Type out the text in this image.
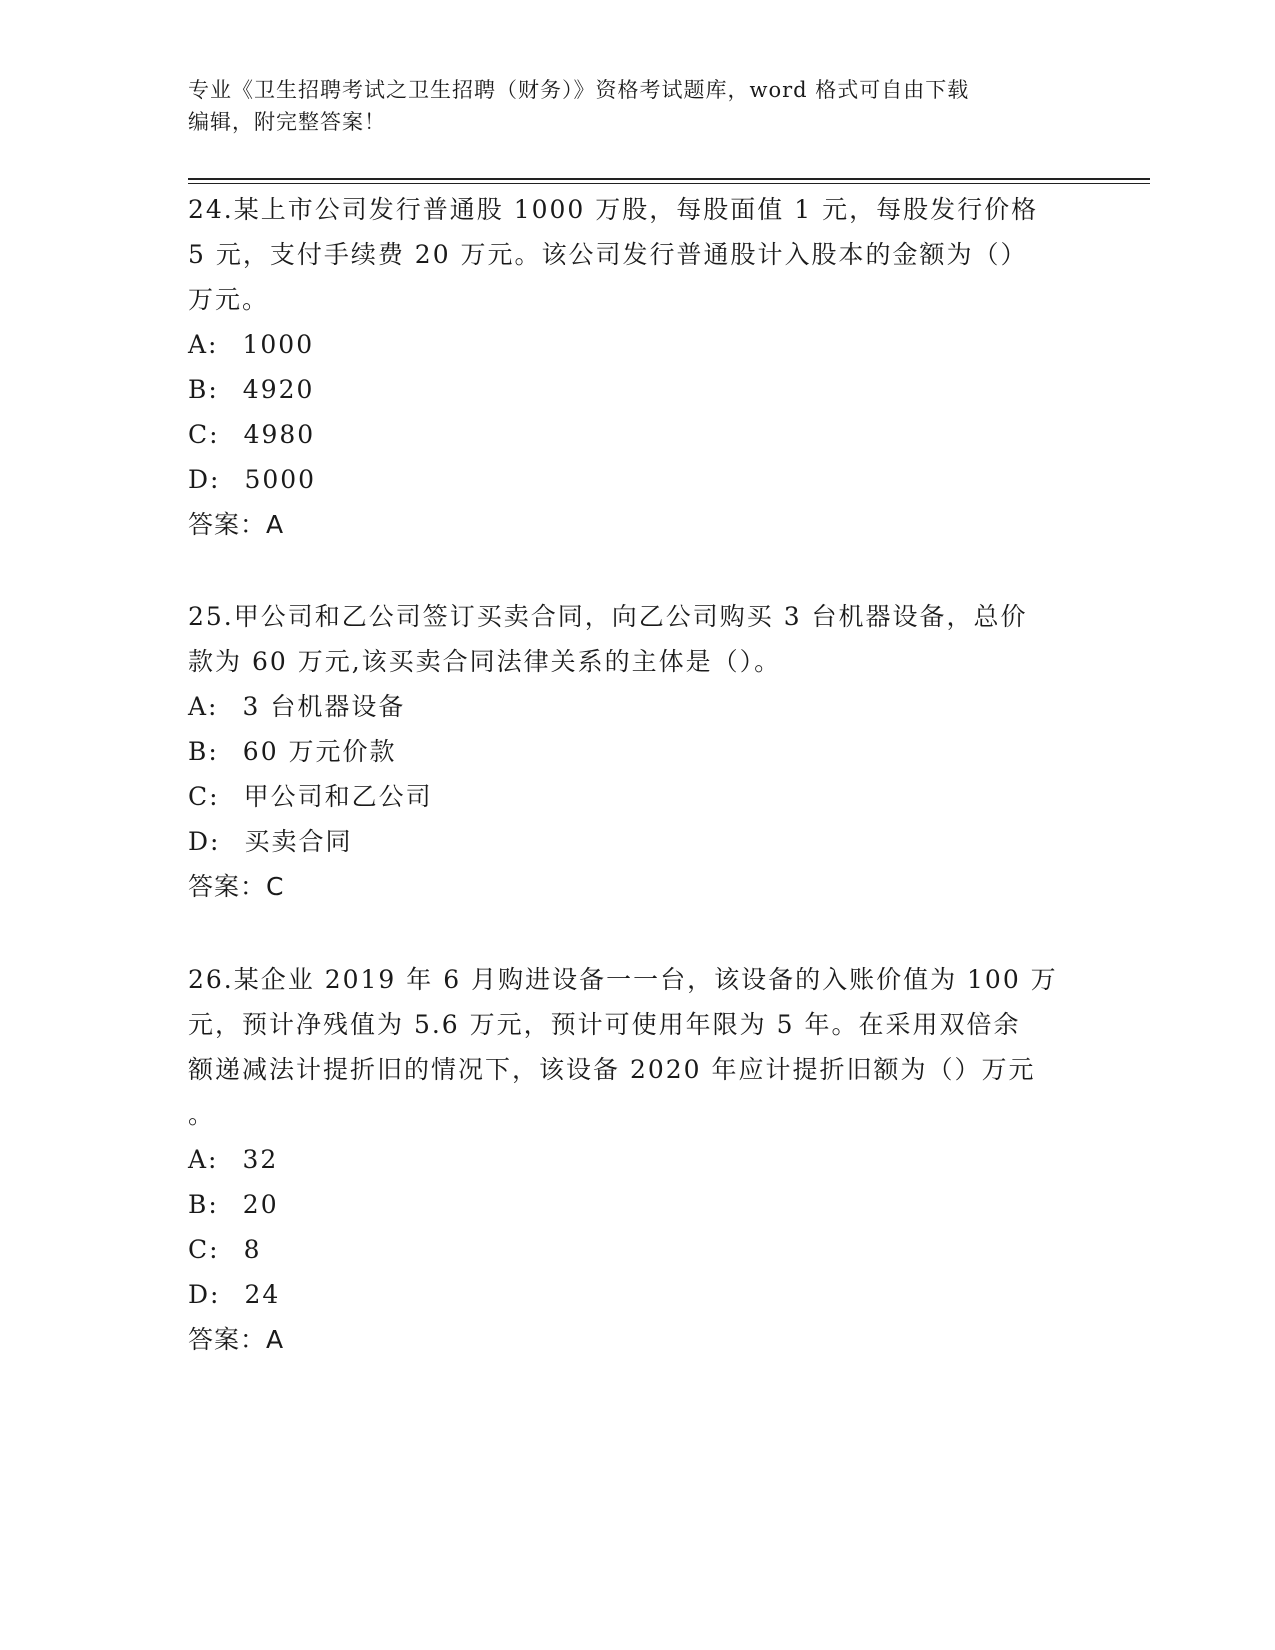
专业《卫生招聘考试之卫生招聘（财务）》资格考试题库，word 格式可自由下载
编辑，附完整答案！

24.某上市公司发行普通股 1000 万股，每股面值 1 元，每股发行价格

5 元，支付手续费 20 万元。该公司发行普通股计入股本的金额为（）

万元。

A: 1000
B: 4920
C: 4980
D: 5000

答案：A

25.甲公司和乙公司签订买卖合同，向乙公司购买 3 台机器设备，总价

款为 60 万元,该买卖合同法律关系的主体是（）。

A: 3 台机器设备
B: 60 万元价款
C: 甲公司和乙公司
D: 买卖合同

答案：C

26.某企业 2019 年 6 月购进设备一一台，该设备的入账价值为 100 万

元，预计净残值为 5.6 万元，预计可使用年限为 5 年。在采用双倍余

额递减法计提折旧的情况下，该设备 2020 年应计提折旧额为（）万元

。

A: 32
B: 20
C: 8
D: 24

答案：A
